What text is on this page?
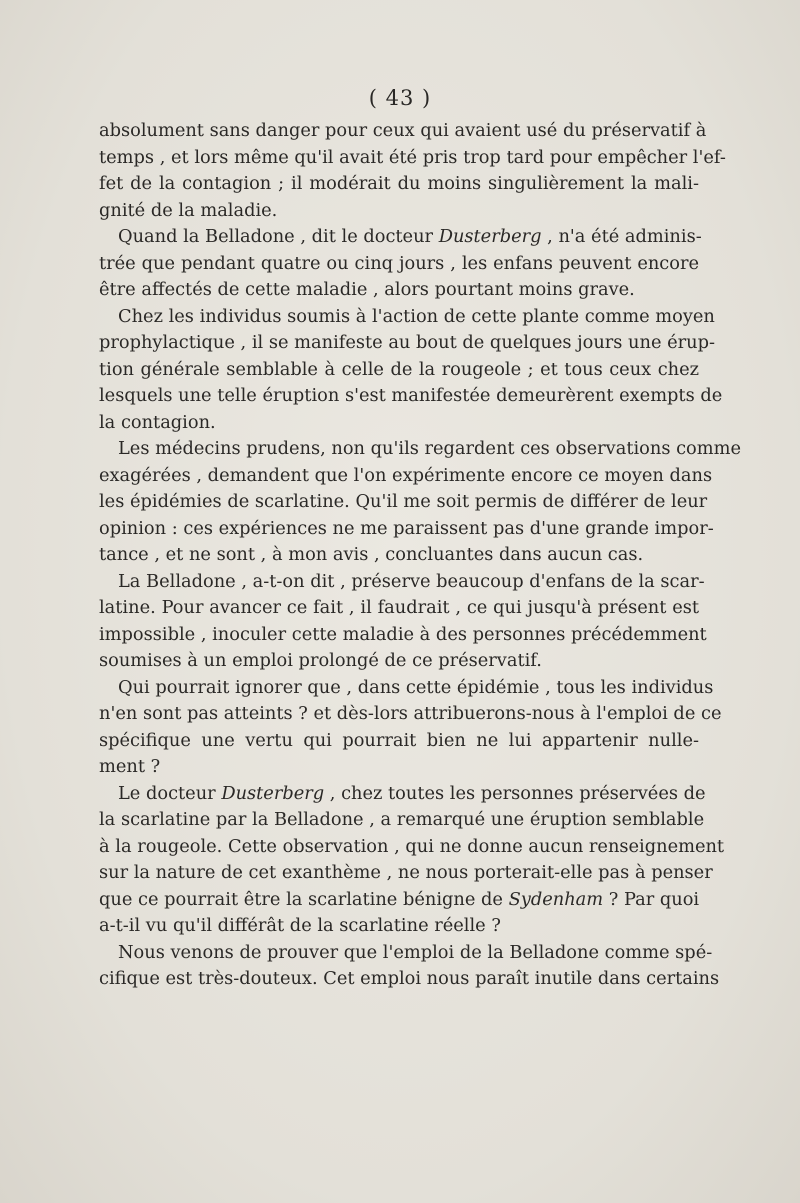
( 43 )
absolument sans danger pour ceux qui avaient usé du préservatif à
temps , et lors même qu'il avait été pris trop tard pour empêcher l'ef-
fet de la contagion ; il modérait du moins singulièrement la mali-
gnité de la maladie.
Quand la Belladone , dit le docteur Dusterberg , n'a été adminis-
trée que pendant quatre ou cinq jours , les enfans peuvent encore
être affectés de cette maladie , alors pourtant moins grave.
Chez les individus soumis à l'action de cette plante comme moyen
prophylactique , il se manifeste au bout de quelques jours une érup-
tion générale semblable à celle de la rougeole ; et tous ceux chez
lesquels une telle éruption s'est manifestée demeurèrent exempts de
la contagion.
Les médecins prudens, non qu'ils regardent ces observations comme
exagérées , demandent que l'on expérimente encore ce moyen dans
les épidémies de scarlatine. Qu'il me soit permis de différer de leur
opinion : ces expériences ne me paraissent pas d'une grande impor-
tance , et ne sont , à mon avis , concluantes dans aucun cas.
La Belladone , a-t-on dit , préserve beaucoup d'enfans de la scar-
latine. Pour avancer ce fait , il faudrait , ce qui jusqu'à présent est
impossible , inoculer cette maladie à des personnes précédemment
soumises à un emploi prolongé de ce préservatif.
Qui pourrait ignorer que , dans cette épidémie , tous les individus
n'en sont pas atteints ? et dès-lors attribuerons-nous à l'emploi de ce
spécifique une vertu qui pourrait bien ne lui appartenir nulle-
ment ?
Le docteur Dusterberg , chez toutes les personnes préservées de
la scarlatine par la Belladone , a remarqué une éruption semblable
à la rougeole. Cette observation , qui ne donne aucun renseignement
sur la nature de cet exanthème , ne nous porterait-elle pas à penser
que ce pourrait être la scarlatine bénigne de Sydenham ? Par quoi
a-t-il vu qu'il différât de la scarlatine réelle ?
Nous venons de prouver que l'emploi de la Belladone comme spé-
cifique est très-douteux. Cet emploi nous paraît inutile dans certains
